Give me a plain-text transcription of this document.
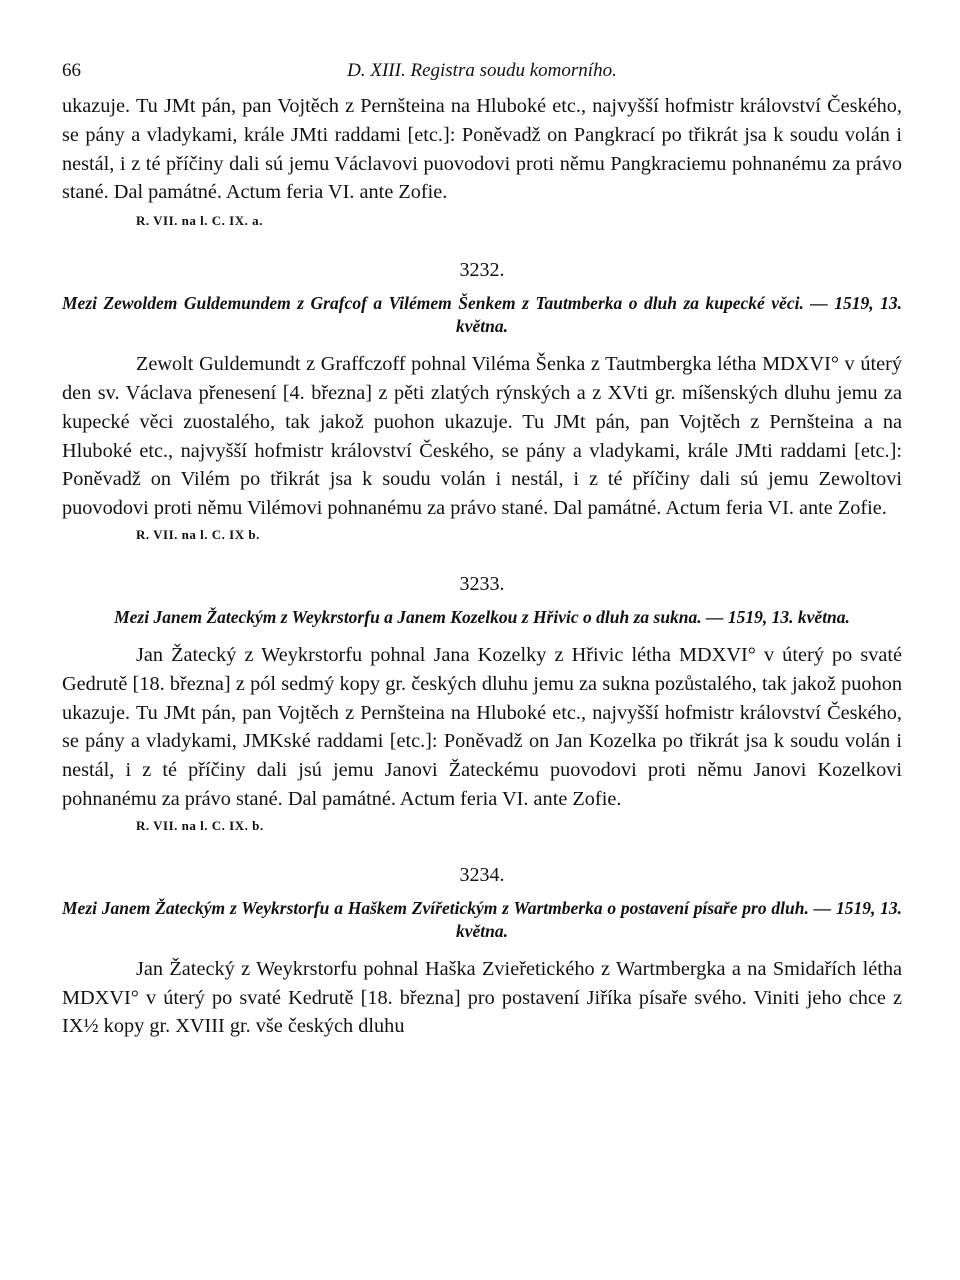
66	D. XIII. Registra soudu komorního.

ukazuje. Tu JMt pán, pan Vojtěch z Pernšteina na Hluboké etc., najvyšší hofmistr království Českého, se pány a vladykami, krále JMti raddami [etc.]: Poněvadž on Pangkrací po třikrát jsa k soudu volán i nestál, i z té příčiny dali sú jemu Václavovi puovodovi proti němu Pangkraciemu pohnanému za právo stané. Dal památné. Actum feria VI. ante Zofie.

R. VII. na l. C. IX. a.

3232.
Mezi Zewoldem Guldemundem z Grafcof a Vilémem Šenkem z Tautmberka o dluh za kupecké věci. — 1519, 13. května.

Zewolt Guldemundt z Graffczoff pohnal Viléma Šenka z Tautmbergka létha MDXVI° v úterý den sv. Václava přenesení [4. března] z pěti zlatých rýnských a z XVti gr. míšenských dluhu jemu za kupecké věci zuostalého, tak jakož puohon ukazuje. Tu JMt pán, pan Vojtěch z Pernšteina a na Hluboké etc., najvyšší hofmistr království Českého, se pány a vladykami, krále JMti raddami [etc.]: Poněvadž on Vilém po třikrát jsa k soudu volán i nestál, i z té příčiny dali sú jemu Zewoltovi puovodovi proti němu Vilémovi pohnanému za právo stané. Dal památné. Actum feria VI. ante Zofie.

R. VII. na l. C. IX b.

3233.
Mezi Janem Žateckým z Weykrstorfu a Janem Kozelkou z Hřivic o dluh za sukna. — 1519, 13. května.

Jan Žatecký z Weykrstorfu pohnal Jana Kozelky z Hřivic létha MDXVI° v úterý po svaté Gedrutě [18. března] z pól sedmý kopy gr. českých dluhu jemu za sukna pozůstalého, tak jakož puohon ukazuje. Tu JMt pán, pan Vojtěch z Pernšteina na Hluboké etc., najvyšší hofmistr království Českého, se pány a vladykami, JMKské raddami [etc.]: Poněvadž on Jan Kozelka po třikrát jsa k soudu volán i nestál, i z té příčiny dali jsú jemu Janovi Žateckému puovodovi proti němu Janovi Kozelkovi pohnanému za právo stané. Dal památné. Actum feria VI. ante Zofie.

R. VII. na l. C. IX. b.

3234.
Mezi Janem Žateckým z Weykrstorfu a Haškem Zvířetickým z Wartmberka o postavení písaře pro dluh. — 1519, 13. května.

Jan Žatecký z Weykrstorfu pohnal Haška Zvieřetického z Wartmbergka a na Smidařích létha MDXVI° v úterý po svaté Kedrutě [18. března] pro postavení Jiříka písaře svého. Viniti jeho chce z IX½ kopy gr. XVIII gr. vše českých dluhu
